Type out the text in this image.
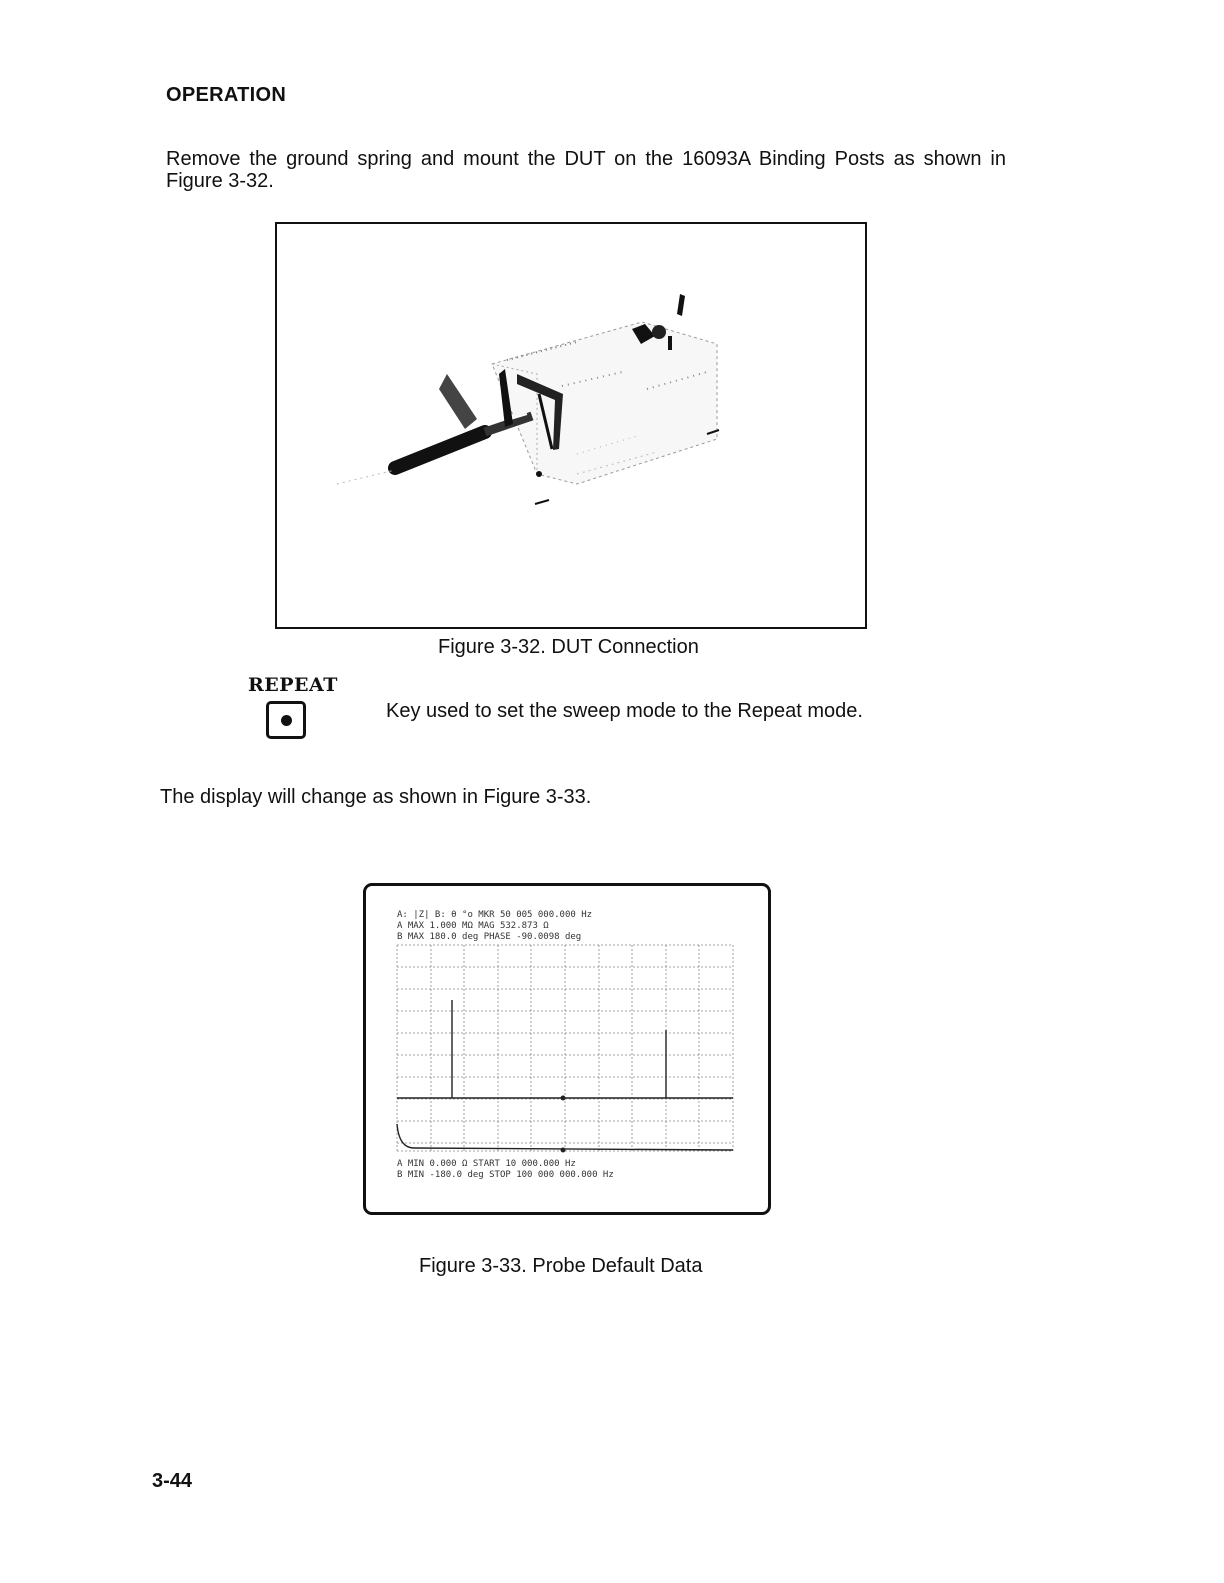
OPERATION
Remove the ground spring and mount the DUT on the 16093A Binding Posts as shown in Figure 3-32.
Figure 3-32. DUT Connection
REPEAT
Key used to set the sweep mode to the Repeat mode.
The display will change as shown in Figure 3-33.
A: |Z| B: θ °o MKR 50 005 000.000 Hz
A MAX 1.000 MΩ MAG 532.873 Ω
B MAX 180.0 deg PHASE -90.0098 deg
A MIN 0.000 Ω START 10 000.000 Hz
B MIN -180.0 deg STOP 100 000 000.000 Hz
Figure 3-33. Probe Default Data
3-44
